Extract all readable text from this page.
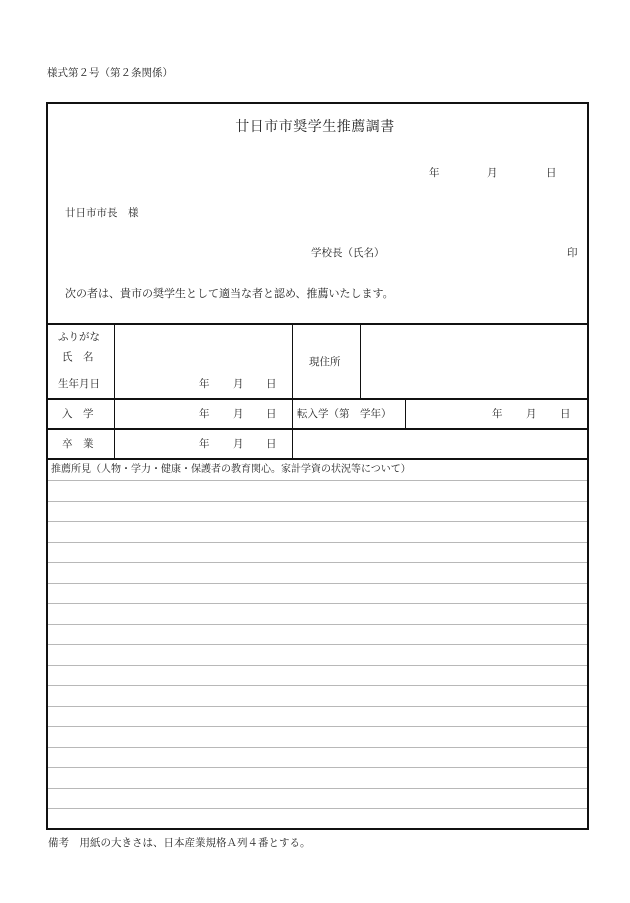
様式第２号（第２条関係）
廿日市市奨学生推薦調書
年	月	日
廿日市市長　様
学校長（氏名）	印
次の者は、貴市の奨学生として適当な者と認め、推薦いたします。
ふりがな
氏　名
生年月日	年 月 日
現住所
入　学	年 月 日 転入学（第　学年）	年 月 日
卒　業	年 月 日
推薦所見（人物・学力・健康・保護者の教育関心。家計学資の状況等について）
備考　用紙の大きさは、日本産業規格Ａ列４番とする。
